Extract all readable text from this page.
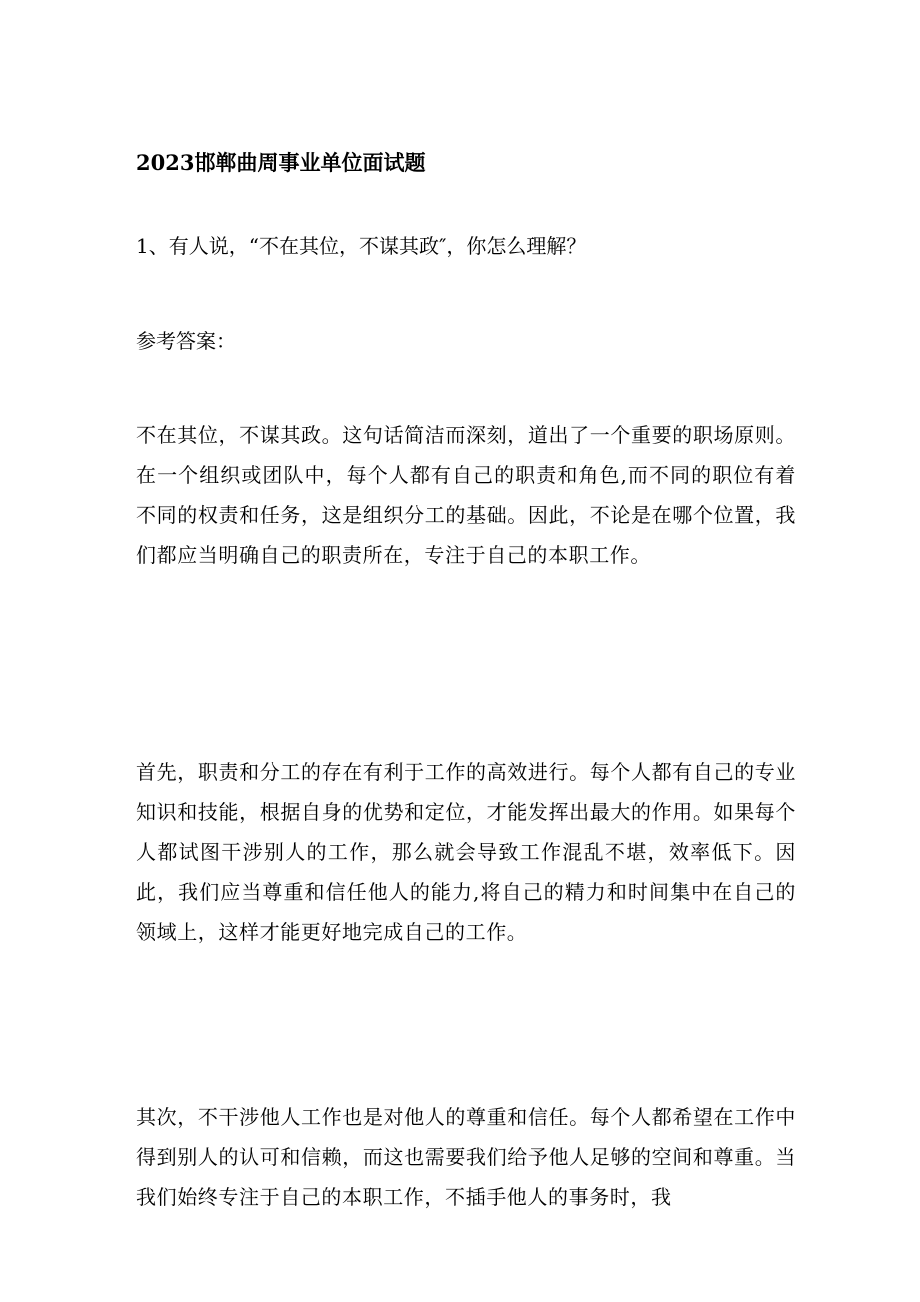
2023邯郸曲周事业单位面试题

1、有人说，“不在其位，不谋其政″，你怎么理解？

参考答案：

不在其位，不谋其政。这句话简洁而深刻，道出了一个重要的职场原则。在一个组织或团队中，每个人都有自己的职责和角色,而不同的职位有着不同的权责和任务，这是组织分工的基础。因此，不论是在哪个位置，我们都应当明确自己的职责所在，专注于自己的本职工作。

首先，职责和分工的存在有利于工作的高效进行。每个人都有自己的专业知识和技能，根据自身的优势和定位，才能发挥出最大的作用。如果每个人都试图干涉别人的工作，那么就会导致工作混乱不堪，效率低下。因此，我们应当尊重和信任他人的能力,将自己的精力和时间集中在自己的领域上，这样才能更好地完成自己的工作。

其次，不干涉他人工作也是对他人的尊重和信任。每个人都希望在工作中得到别人的认可和信赖，而这也需要我们给予他人足够的空间和尊重。当我们始终专注于自己的本职工作，不插手他人的事务时，我
